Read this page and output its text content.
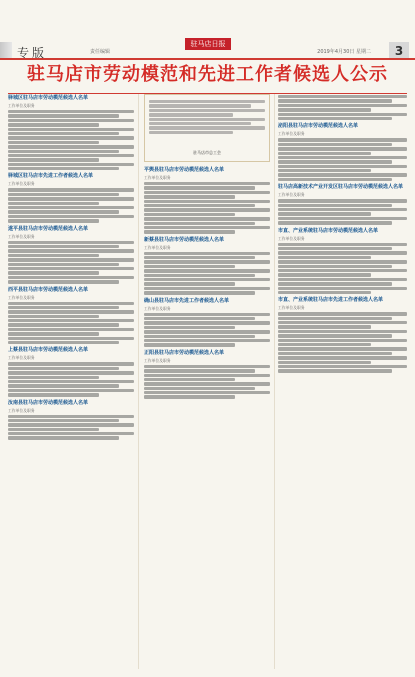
专版	责任编辑
驻马店日报
2019年4月30日 星期二	3
驻马店市劳动模范和先进工作者候选人公示
驿城区驻马店市劳动模范候选人名单
工作单位及职务
驿城区驻马店市先进工作者候选人名单
工作单位及职务
遂平县驻马店市劳动模范候选人名单
工作单位及职务
西平县驻马店市劳动模范候选人名单
工作单位及职务
上蔡县驻马店市劳动模范候选人名单
工作单位及职务
汝南县驻马店市劳动模范候选人名单
工作单位及职务
驻马店市总工会
平舆县驻马店市劳动模范候选人名单
工作单位及职务
新蔡县驻马店市劳动模范候选人名单
工作单位及职务
确山县驻马店市先进工作者候选人名单
工作单位及职务
正阳县驻马店市劳动模范候选人名单
工作单位及职务
泌阳县驻马店市劳动模范候选人名单
工作单位及职务
驻马店高新技术产业开发区驻马店市劳动模范候选人名单
工作单位及职务
市直、产业系统驻马店市劳动模范候选人名单
工作单位及职务
市直、产业系统驻马店市先进工作者候选人名单
工作单位及职务
